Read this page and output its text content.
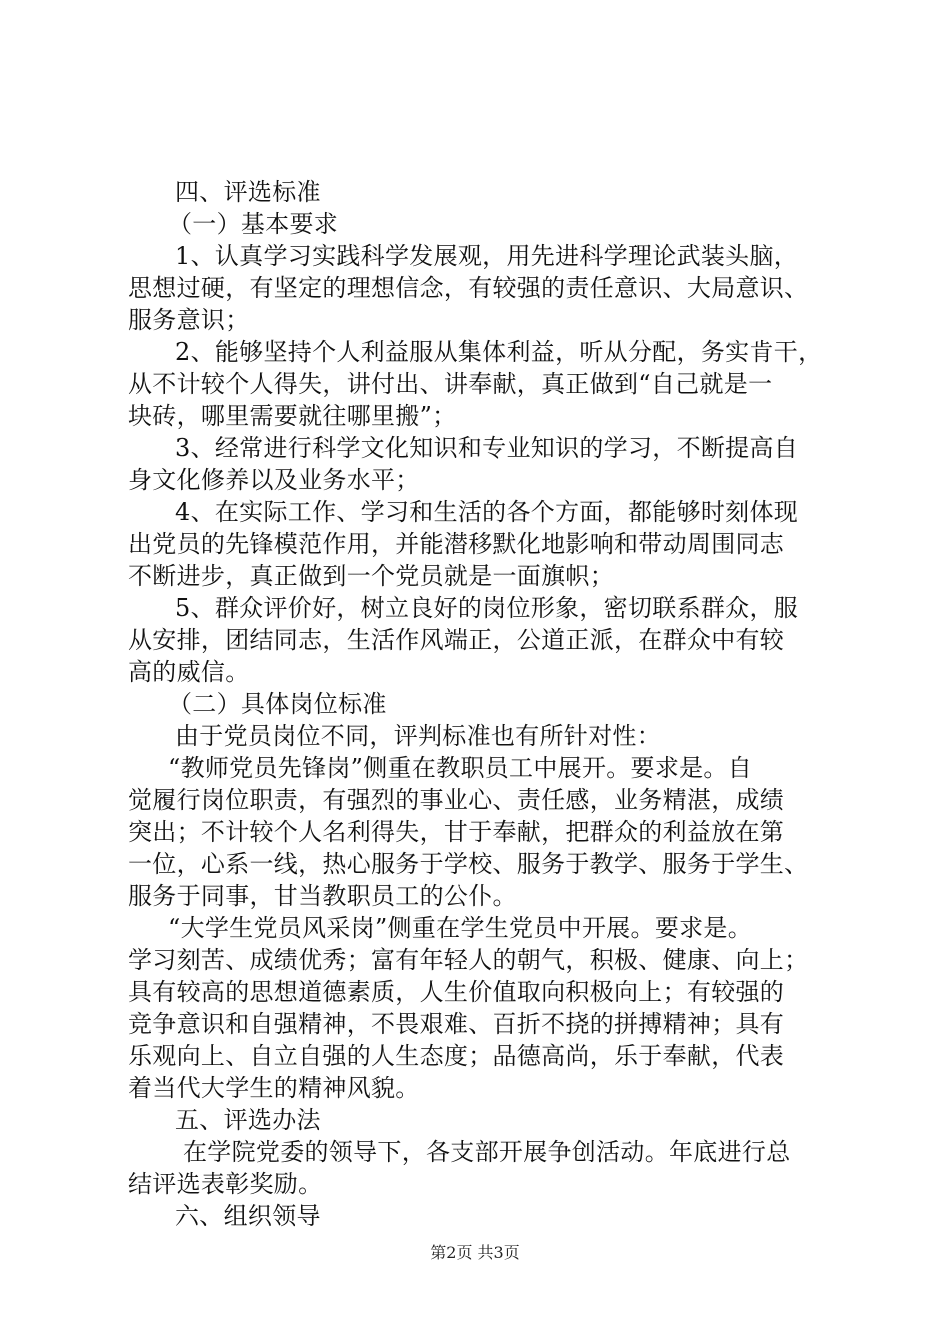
四、评选标准

（一）基本要求

1、认真学习实践科学发展观，用先进科学理论武装头脑，

思想过硬，有坚定的理想信念，有较强的责任意识、大局意识、

服务意识；

2、能够坚持个人利益服从集体利益，听从分配，务实肯干，

从不计较个人得失，讲付出、讲奉献，真正做到“自己就是一

块砖，哪里需要就往哪里搬”；

3、经常进行科学文化知识和专业知识的学习，不断提高自

身文化修养以及业务水平；

4、在实际工作、学习和生活的各个方面，都能够时刻体现

出党员的先锋模范作用，并能潜移默化地影响和带动周围同志

不断进步，真正做到一个党员就是一面旗帜；

5、群众评价好，树立良好的岗位形象，密切联系群众，服

从安排，团结同志，生活作风端正，公道正派，在群众中有较

高的威信。

（二）具体岗位标准

由于党员岗位不同，评判标准也有所针对性：

“教师党员先锋岗”侧重在教职员工中展开。要求是。自

觉履行岗位职责，有强烈的事业心、责任感，业务精湛，成绩

突出；不计较个人名利得失，甘于奉献，把群众的利益放在第

一位，心系一线，热心服务于学校、服务于教学、服务于学生、

服务于同事，甘当教职员工的公仆。

“大学生党员风采岗”侧重在学生党员中开展。要求是。

学习刻苦、成绩优秀；富有年轻人的朝气，积极、健康、向上；

具有较高的思想道德素质，人生价值取向积极向上；有较强的

竞争意识和自强精神，不畏艰难、百折不挠的拼搏精神；具有

乐观向上、自立自强的人生态度；品德高尚，乐于奉献，代表

着当代大学生的精神风貌。

五、评选办法

在学院党委的领导下，各支部开展争创活动。年底进行总

结评选表彰奖励。

六、组织领导

第2页 共3页
